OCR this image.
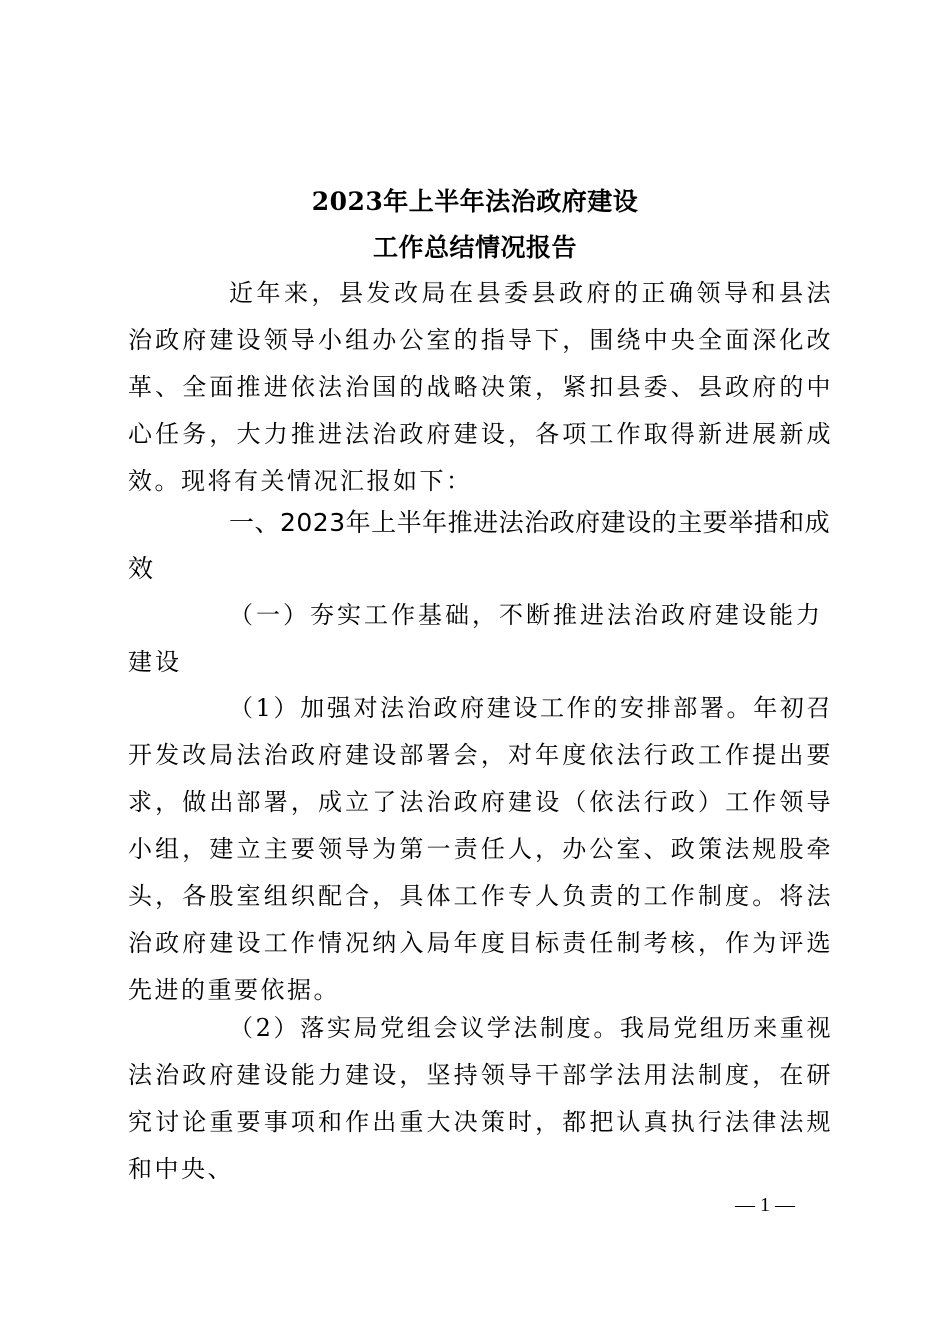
2023年上半年法治政府建设
工作总结情况报告

近年来，县发改局在县委县政府的正确领导和县法治政府建设领导小组办公室的指导下，围绕中央全面深化改革、全面推进依法治国的战略决策，紧扣县委、县政府的中心任务，大力推进法治政府建设，各项工作取得新进展新成效。现将有关情况汇报如下：

一、2023年上半年推进法治政府建设的主要举措和成效

（一）夯实工作基础，不断推进法治政府建设能力建设

（1）加强对法治政府建设工作的安排部署。年初召开发改局法治政府建设部署会，对年度依法行政工作提出要求，做出部署，成立了法治政府建设（依法行政）工作领导小组，建立主要领导为第一责任人，办公室、政策法规股牵头，各股室组织配合，具体工作专人负责的工作制度。将法治政府建设工作情况纳入局年度目标责任制考核，作为评选先进的重要依据。

（2）落实局党组会议学法制度。我局党组历来重视法治政府建设能力建设，坚持领导干部学法用法制度，在研究讨论重要事项和作出重大决策时，都把认真执行法律法规和中央、

— 1 —
